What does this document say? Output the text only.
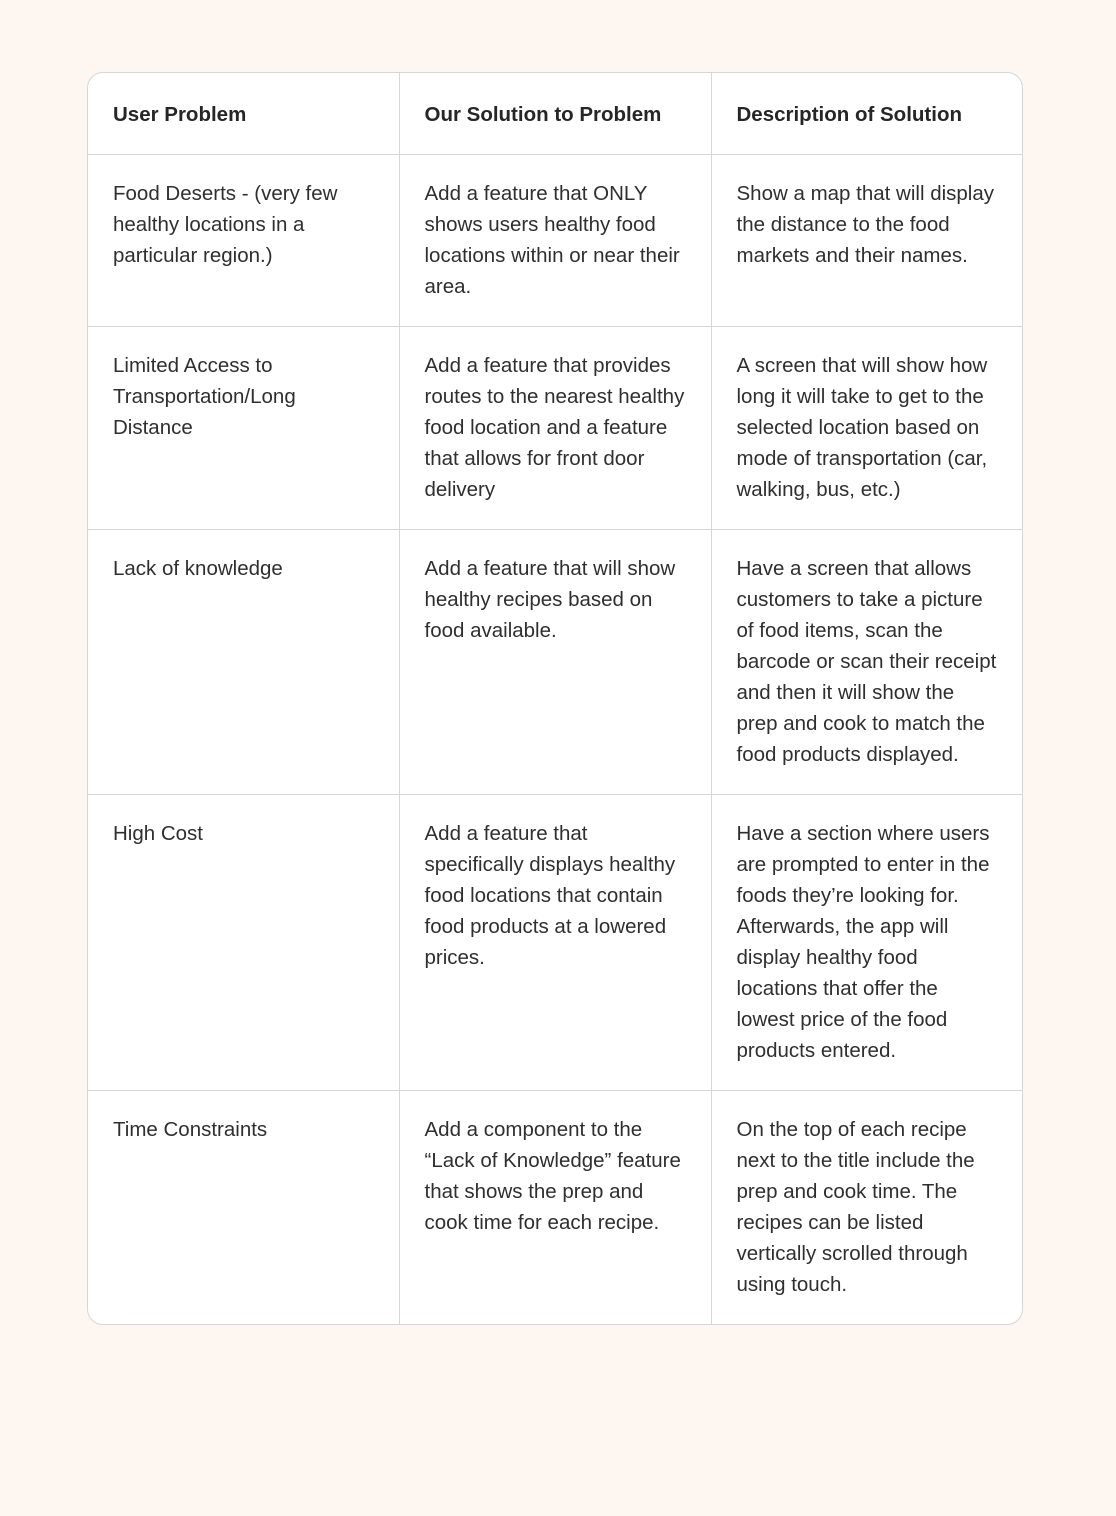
User Problem	Our Solution to Problem	Description of Solution
Food Deserts - (very few healthy locations in a particular region.)	Add a feature that ONLY shows users healthy food locations within or near their area.	Show a map that will display the distance to the food markets and their names.
Limited Access to Transportation/Long Distance	Add a feature that provides routes to the nearest healthy food location and a feature that allows for front door delivery	A screen that will show how long it will take to get to the selected location based on mode of transportation (car, walking, bus, etc.)
Lack of knowledge	Add a feature that will show healthy recipes based on food available.	Have a screen that allows customers to take a picture of food items, scan the barcode or scan their receipt and then it will show the prep and cook to match the food products displayed.
High Cost	Add a feature that specifically displays healthy food locations that contain food products at a lowered prices.	Have a section where users are prompted to enter in the foods they’re looking for. Afterwards, the app will display healthy food locations that offer the lowest price of the food products entered.
Time Constraints	Add a component to the “Lack of Knowledge” feature that shows the prep and cook time for each recipe.	On the top of each recipe next to the title include the prep and cook time. The recipes can be listed vertically scrolled through using touch.
